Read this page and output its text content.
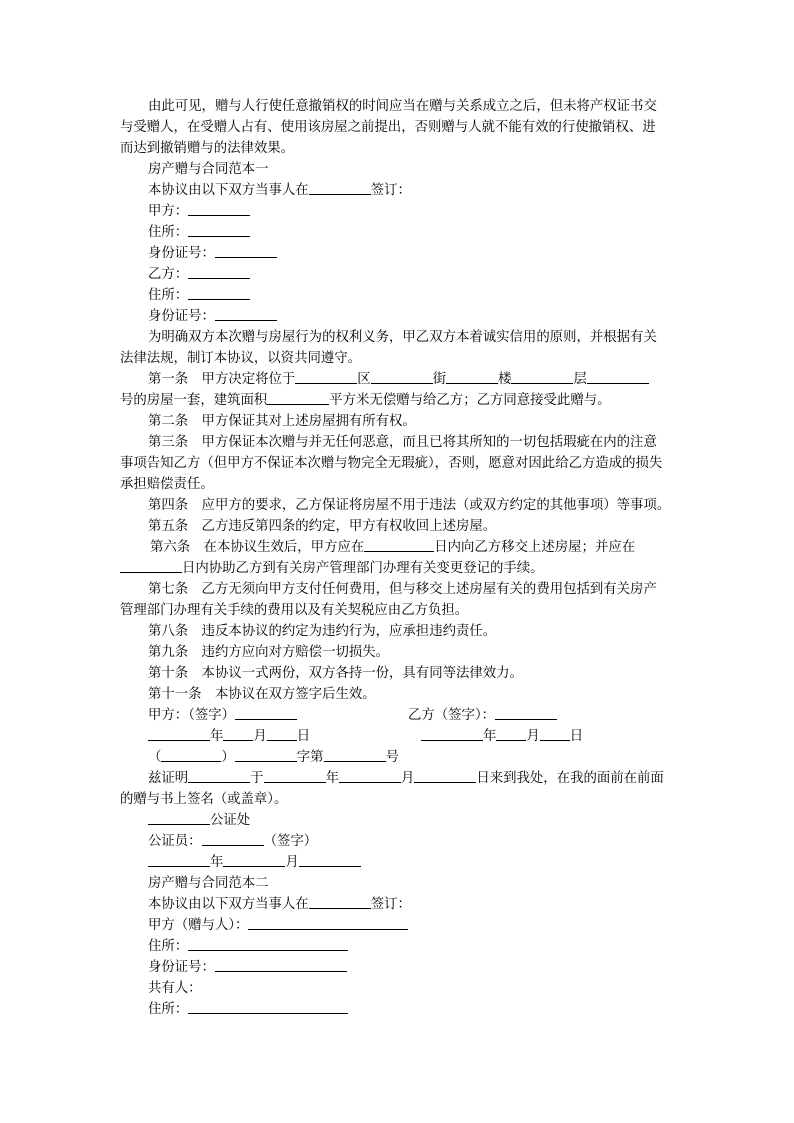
由此可见，赠与人行使任意撤销权的时间应当在赠与关系成立之后，但未将产权证书交
与受赠人，在受赠人占有、使用该房屋之前提出，否则赠与人就不能有效的行使撤销权、进
而达到撤销赠与的法律效果。
房产赠与合同范本一
本协议由以下双方当事人在	签订：
甲方：
住所：
身份证号：
乙方：
住所：
身份证号：
为明确双方本次赠与房屋行为的权利义务，甲乙双方本着诚实信用的原则，并根据有关
法律法规，制订本协议，以资共同遵守。
第一条　甲方决定将位于	区	街	楼	层
号的房屋一套，建筑面积	平方米无偿赠与给乙方；乙方同意接受此赠与。
第二条　甲方保证其对上述房屋拥有所有权。
第三条　甲方保证本次赠与并无任何恶意，而且已将其所知的一切包括瑕疵在内的注意
事项告知乙方（但甲方不保证本次赠与物完全无瑕疵），否则，愿意对因此给乙方造成的损失
承担赔偿责任。
第四条　应甲方的要求，乙方保证将房屋不用于违法（或双方约定的其他事项）等事项。
第五条　乙方违反第四条的约定，甲方有权收回上述房屋。
第六条　在本协议生效后，甲方应在	日内向乙方移交上述房屋；并应在
日内协助乙方到有关房产管理部门办理有关变更登记的手续。
第七条　乙方无须向甲方支付任何费用，但与移交上述房屋有关的费用包括到有关房产
管理部门办理有关手续的费用以及有关契税应由乙方负担。
第八条　违反本协议的约定为违约行为，应承担违约责任。
第九条　违约方应向对方赔偿一切损失。
第十条　本协议一式两份，双方各持一份，具有同等法律效力。
第十一条　本协议在双方签字后生效。
甲方：（签字）	乙方（签字）：
年 月 日	年 月 日
（	）	字第	号
兹证明	于	年	月	日来到我处，在我的面前在前面
的赠与书上签名（或盖章）。
公证处
公证员：	（签字）
年	月
房产赠与合同范本二
本协议由以下双方当事人在	签订：
甲方（赠与人）：
住所：
身份证号：
共有人：
住所：
